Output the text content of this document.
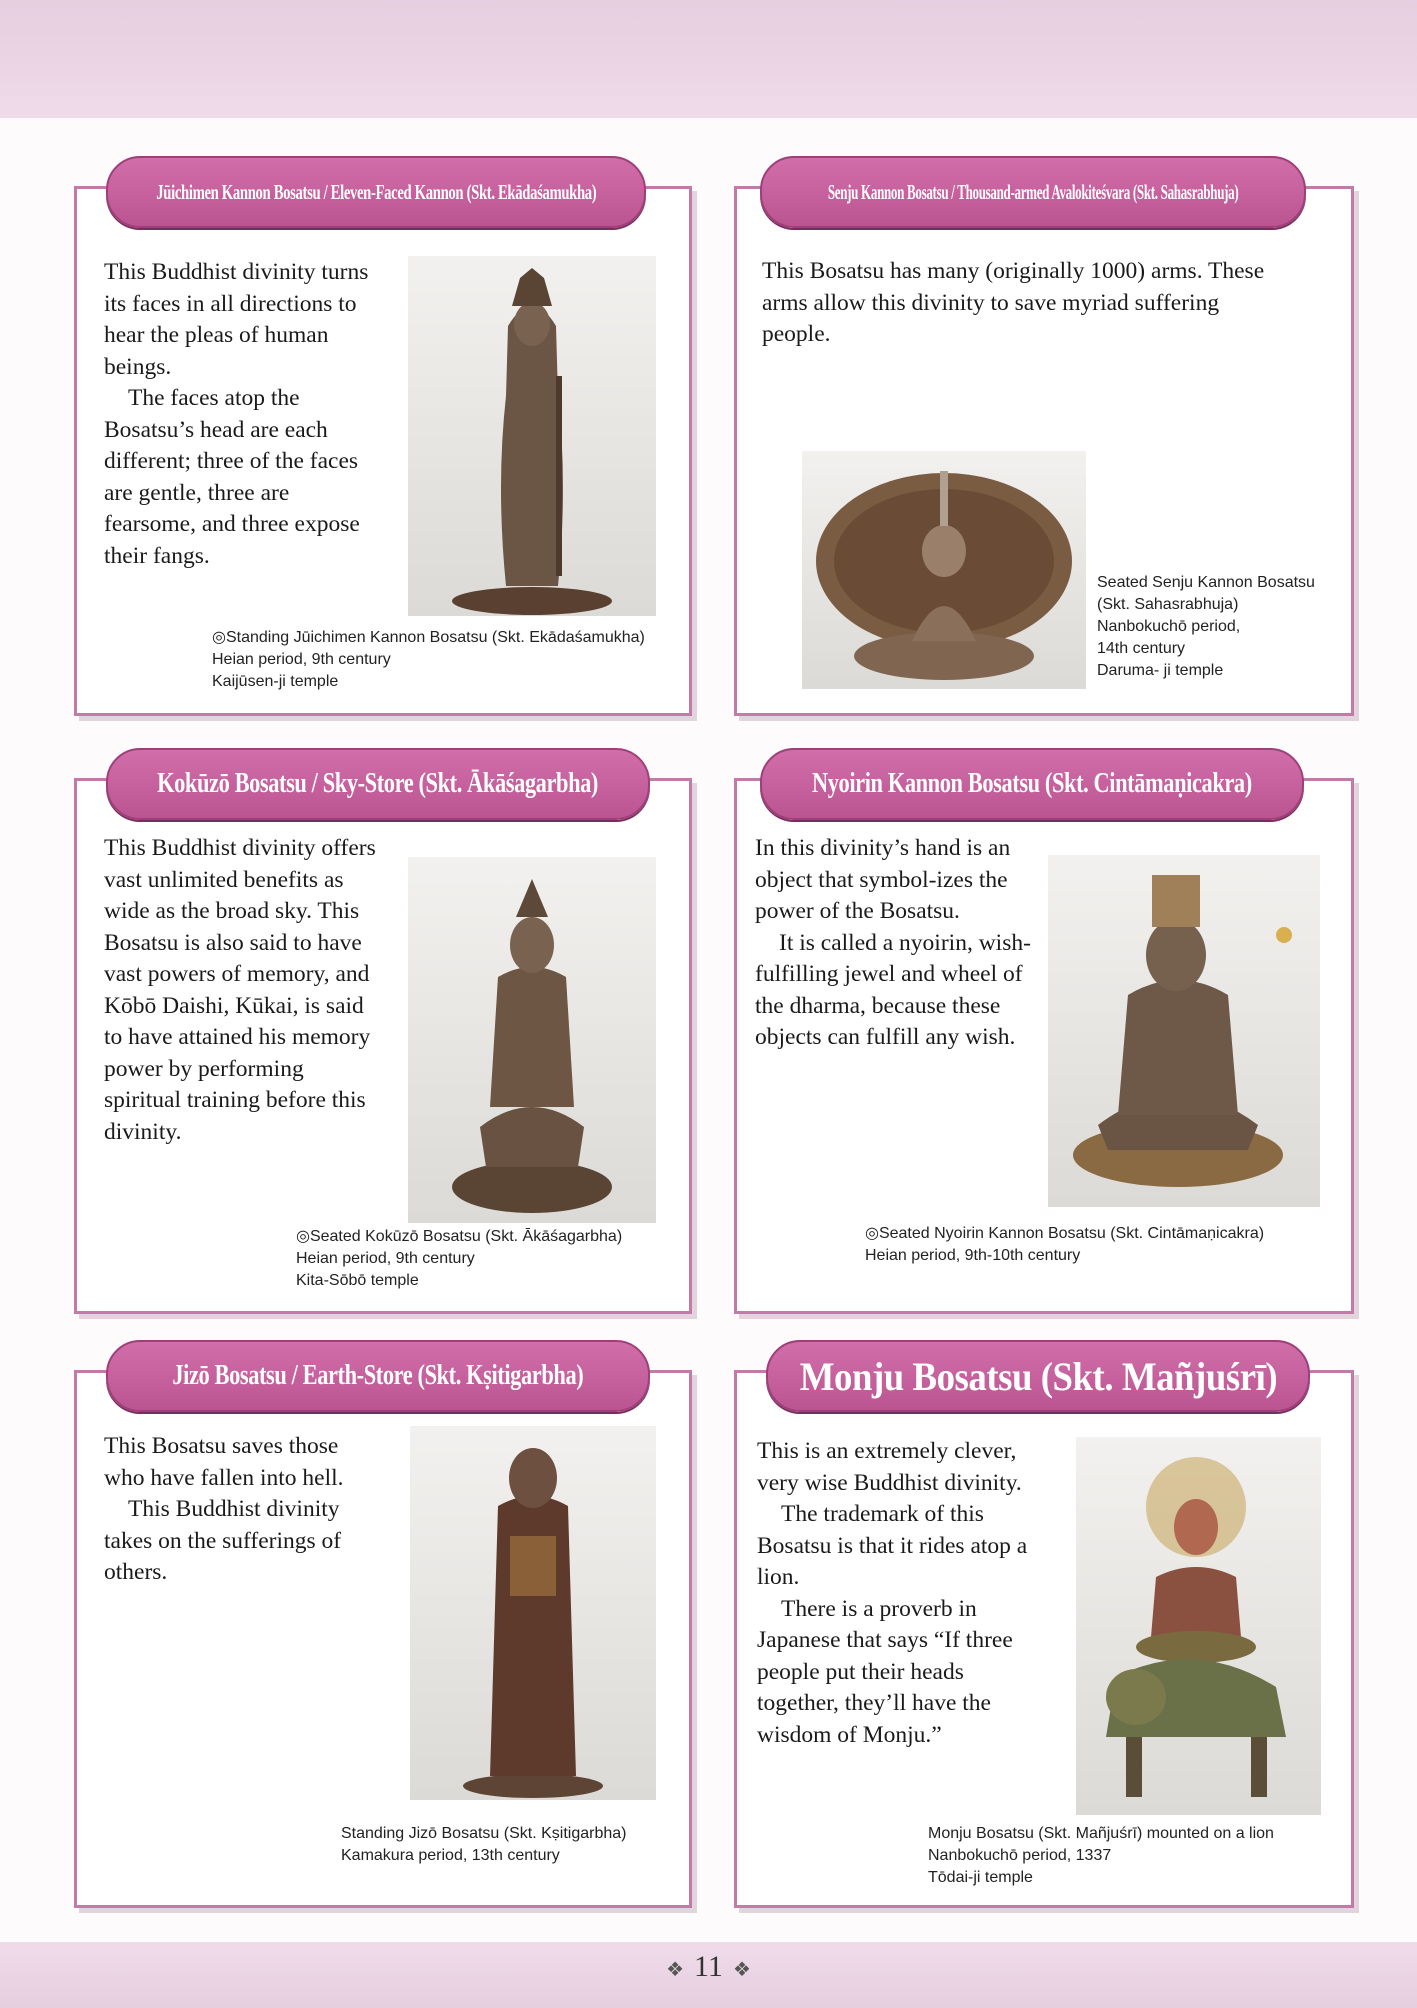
Jūichimen Kannon Bosatsu / Eleven-Faced Kannon (Skt. Ekādaśamukha)

This Buddhist divinity turns its faces in all directions to hear the pleas of human beings.

The faces atop the Bosatsu’s head are each different; three of the faces are gentle, three are fearsome, and three expose their fangs.

◎Standing Jūichimen Kannon Bosatsu (Skt. Ekādaśamukha)
Heian period, 9th century
Kaijūsen-ji temple
Senju Kannon Bosatsu / Thousand-armed Avalokiteśvara (Skt. Sahasrabhuja)

This Bosatsu has many (originally 1000) arms. These arms allow this divinity to save myriad suffering people.

Seated Senju Kannon Bosatsu
(Skt. Sahasrabhuja)
Nanbokuchō period,
14th century
Daruma- ji temple
Kokūzō Bosatsu / Sky-Store (Skt. Ākāśagarbha)

This Buddhist divinity offers vast unlimited benefits as wide as the broad sky. This Bosatsu is also said to have vast powers of memory, and Kōbō Daishi, Kūkai, is said to have attained his memory power by performing spiritual training before this divinity.

◎Seated Kokūzō Bosatsu (Skt. Ākāśagarbha)
Heian period, 9th century
Kita-Sōbō temple
Nyoirin Kannon Bosatsu (Skt. Cintāmaṇicakra)

In this divinity’s hand is an object that symbol-izes the power of the Bosatsu.

It is called a nyoirin, wish-fulfilling jewel and wheel of the dharma, because these objects can fulfill any wish.

◎Seated Nyoirin Kannon Bosatsu (Skt. Cintāmaṇicakra)
Heian period, 9th-10th century
Jizō Bosatsu / Earth-Store (Skt. Kṣitigarbha)

This Bosatsu saves those who have fallen into hell.

This Buddhist divinity takes on the sufferings of others.

Standing Jizō Bosatsu (Skt. Kṣitigarbha)
Kamakura period, 13th century
Monju Bosatsu (Skt. Mañjuśrī)

This is an extremely clever, very wise Buddhist divinity.

The trademark of this Bosatsu is that it rides atop a lion.

There is a proverb in Japanese that says “If three people put their heads together, they’ll have the wisdom of Monju.”

Monju Bosatsu (Skt. Mañjuśrī) mounted on a lion
Nanbokuchō period, 1337
Tōdai-ji temple
❖ 11 ❖
